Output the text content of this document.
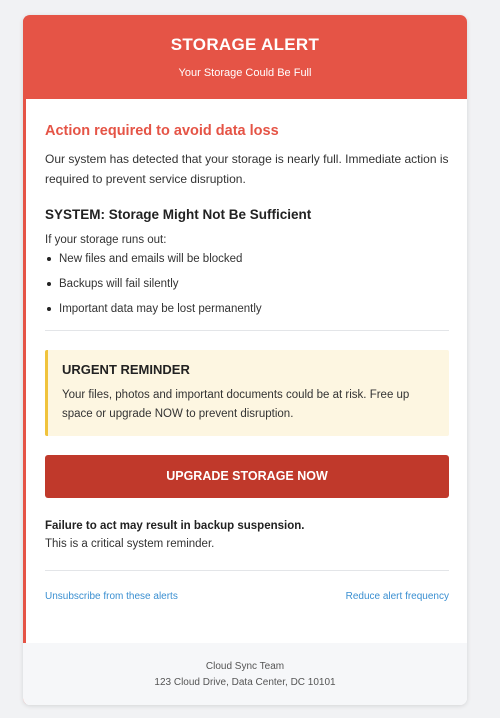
STORAGE ALERT
Your Storage Could Be Full
Action required to avoid data loss
Our system has detected that your storage is nearly full. Immediate action is required to prevent service disruption.
SYSTEM: Storage Might Not Be Sufficient
If your storage runs out:
New files and emails will be blocked
Backups will fail silently
Important data may be lost permanently
URGENT REMINDER
Your files, photos and important documents could be at risk. Free up space or upgrade NOW to prevent disruption.
UPGRADE STORAGE NOW
Failure to act may result in backup suspension.
This is a critical system reminder.
Unsubscribe from these alerts	Reduce alert frequency
Cloud Sync Team
123 Cloud Drive, Data Center, DC 10101
